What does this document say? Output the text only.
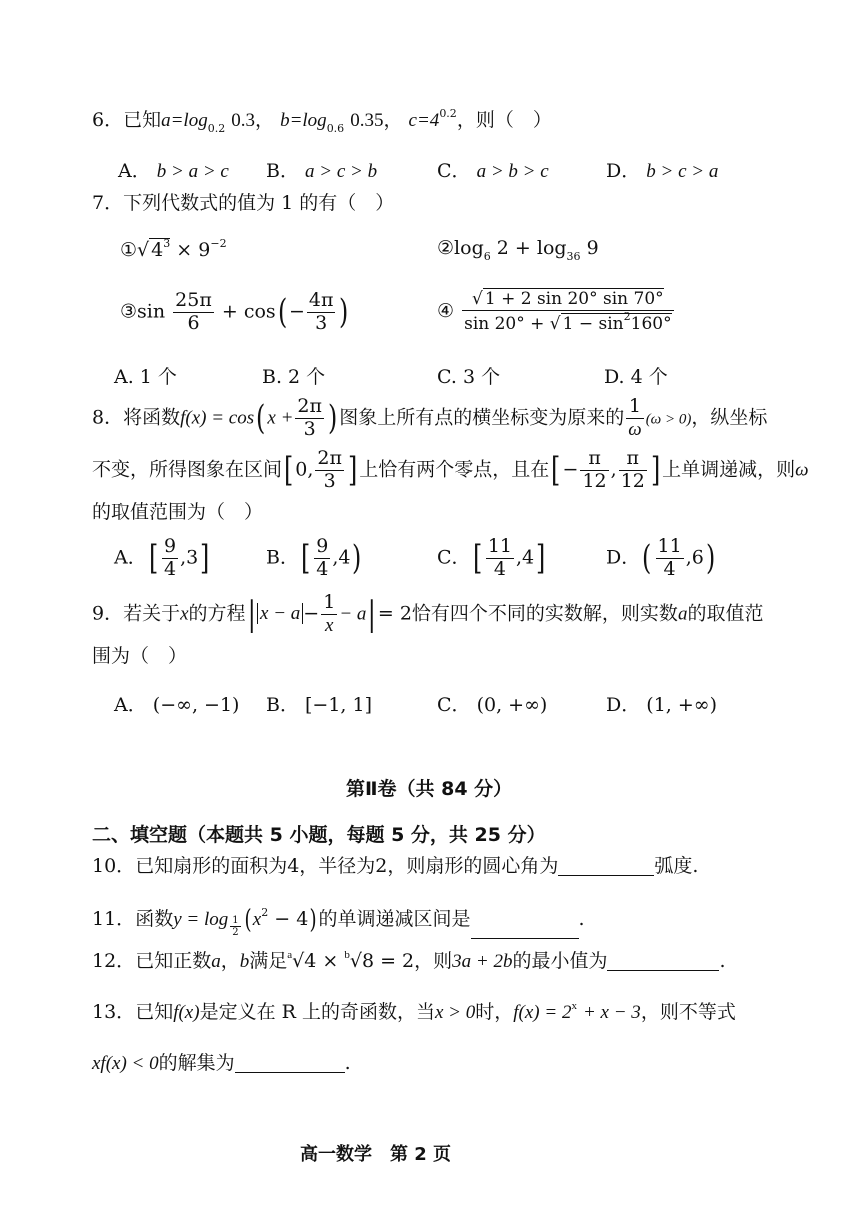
6．已知$a=\log_{0.2}$ 0.3， $b=\log_{0.6}$ 0.35， $c=4^{0.2}$，则（　）
A． b > a > c B． a > c > b	C． a > b > c	D． b > c > a
7．下列代数式的值为 1 的有（　）
①√ $4^3 \times 9^{-2}$	$②\log_6$ $2 + \log_{36} 9$
③sin $\frac{25\pi}{6} + \cos( - \frac{4\pi}{3}$ )	④ $\frac{√ 1 + 2 \sin 20^\circ \sin 70^\circ}{\sin 20^\circ + √ 1 - \sin^2160^\circ}$
A. 1 个	B. 2 个	C. 3 个	D. 4 个
8．将函数f(x) = cos( $x + \frac{2\pi}{3}$ ) 图象上所有点的横坐标变为原来的 $\frac{1}{\omega} (\omega > 0)$，纵坐标
不变，所得图象在区间[ 0, $\frac{2\pi}{3}$ ] 上恰有两个零点，且在[ − $\frac{\pi}{12}$ , $\frac{\pi}{12}$ ] 上单调递减，则ω
的取值范围为（　）
A．[ $\frac{9}{4} ,3$]	B．[ $\frac{9}{4} ,4$)	C．[ $\frac{11}{4} ,4$]	D．( $\frac{11}{4} ,6$)
9．若关于x的方程| $x - a - \frac{1}{x} - a|= 2$恰有四个不同的实数解，则实数a的取值范
围为（　）
A． (−∞, −1) B． [−1, 1]	C． (0, +∞)	D． (1, +∞)
第Ⅱ卷（共 84 分）
二、填空题（本题共 5 小题，每题 5 分，共 25 分）
10．已知扇形的面积为4，半径为2，则扇形的圆心角为	弧度.
11．函数$y = \log \frac{1}{2} (x^2 - 4)$的单调递减区间是	.
12．已知正数a，b满足$^a$√4 × $^b$√8 = 2，则3a + 2b的最小值为	.
13．已知f(x)是定义在 R 上的奇函数，当x > 0时，$f(x) = 2^x + x - 3$，则不等式
xf(x) < 0的解集为	.
高一数学　第 2 页
